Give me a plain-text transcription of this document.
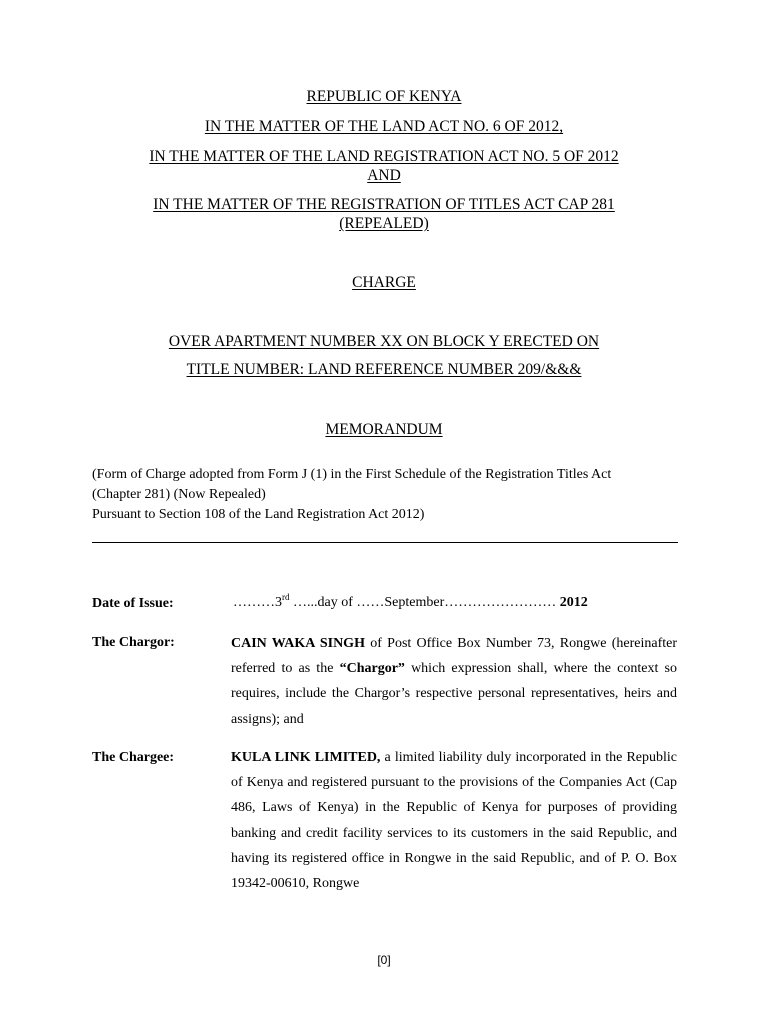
REPUBLIC OF KENYA
IN THE MATTER OF THE LAND ACT NO. 6 OF 2012,
IN THE MATTER OF THE LAND REGISTRATION ACT NO. 5 OF 2012
AND
IN THE MATTER OF THE REGISTRATION OF TITLES ACT CAP 281
(REPEALED)
CHARGE
OVER APARTMENT NUMBER XX ON BLOCK Y ERECTED ON
TITLE NUMBER: LAND REFERENCE NUMBER 209/&&&
MEMORANDUM
(Form of Charge adopted from Form J (1) in the First Schedule of the Registration Titles Act
(Chapter 281) (Now Repealed)
Pursuant to Section 108 of the Land Registration Act 2012)
Date of Issue:	………3rd …...day of ……September…………………… 2012
The Chargor:	CAIN WAKA SINGH of Post Office Box Number 73, Rongwe (hereinafter referred to as the “Chargor” which expression shall, where the context so requires, include the Chargor’s respective personal representatives, heirs and assigns); and
The Chargee:	KULA LINK LIMITED, a limited liability duly incorporated in the Republic of Kenya and registered pursuant to the provisions of the Companies Act (Cap 486, Laws of Kenya) in the Republic of Kenya for purposes of providing banking and credit facility services to its customers in the said Republic, and having its registered office in Rongwe in the said Republic, and of P. O. Box 19342-00610, Rongwe
[0]
